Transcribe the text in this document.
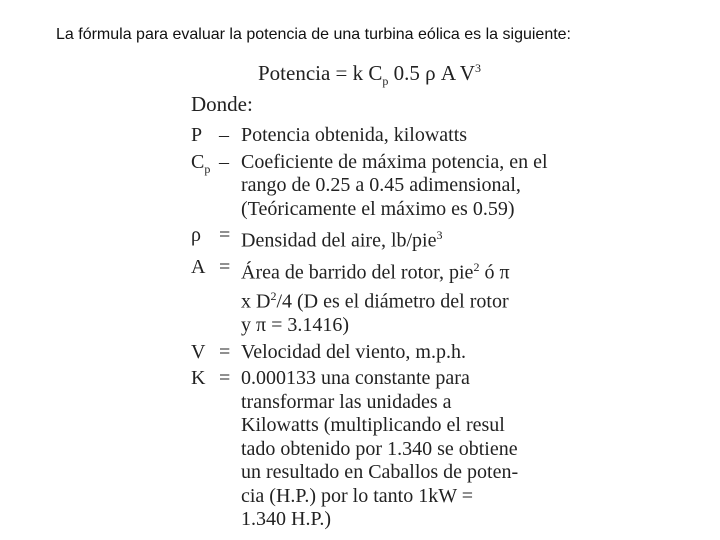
La fórmula para evaluar la potencia de una turbina eólica es la siguiente:
Potencia = k $C_p$ 0.5 ρ A $V^3$
Donde:
P – Potencia obtenida, kilowatts
$C_p$ – Coeficiente de máxima potencia, en el
rango de 0.25 a 0.45 adimensional,
(Teóricamente el máximo es 0.59)
ρ = Densidad del aire, lb/pie$^3$
A = Área de barrido del rotor, pie$^2$ ó π
x $D^2/4$ (D es el diámetro del rotor
y π = 3.1416)
V = Velocidad del viento, m.p.h.
K = 0.000133 una constante para
transformar las unidades a
Kilowatts (multiplicando el resul
tado obtenido por 1.340 se obtiene
un resultado en Caballos de poten-
cia (H.P.) por lo tanto 1kW =
1.340 H.P.)
